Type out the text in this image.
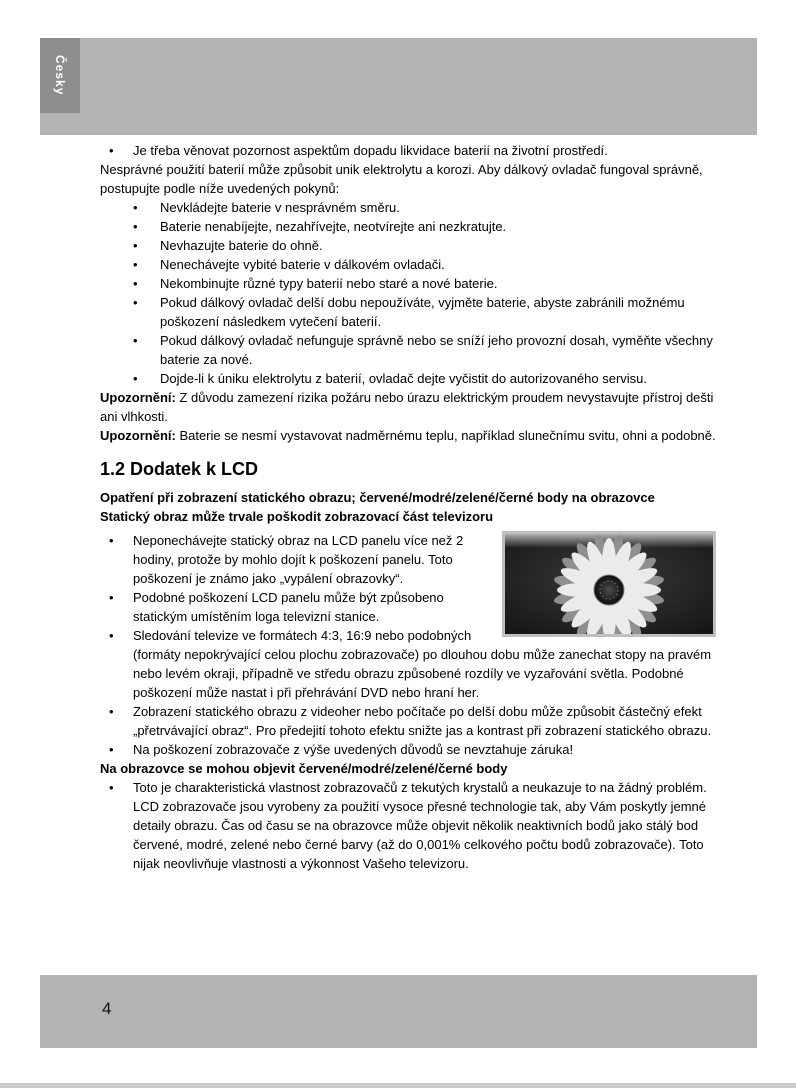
Česky
• Je třeba věnovat pozornost aspektům dopadu likvidace baterií na životní prostředí.

Nesprávné použití baterií může způsobit unik elektrolytu a korozi. Aby dálkový ovladač fungoval správně, postupujte podle níže uvedených pokynů:

• Nevkládejte baterie v nesprávném směru.
• Baterie nenabíjejte, nezahřívejte, neotvírejte ani nezkratujte.
• Nevhazujte baterie do ohně.
• Nenechávejte vybité baterie v dálkovém ovladači.
• Nekombinujte různé typy baterií nebo staré a nové baterie.
• Pokud dálkový ovladač delší dobu nepoužíváte, vyjměte baterie, abyste zabránili možnému poškození následkem vytečení baterií.
• Pokud dálkový ovladač nefunguje správně nebo se sníží jeho provozní dosah, vyměňte všechny baterie za nové.
• Dojde-li k úniku elektrolytu z baterií, ovladač dejte vyčistit do autorizovaného servisu.

Upozornění: Z důvodu zamezení rizika požáru nebo úrazu elektrickým proudem nevystavujte přístroj dešti ani vlhkosti.

Upozornění: Baterie se nesmí vystavovat nadměrnému teplu, například slunečnímu svitu, ohni a podobně.

1.2 Dodatek k LCD

Opatření při zobrazení statického obrazu; červené/modré/zelené/černé body na obrazovce

Statický obraz může trvale poškodit zobrazovací část televizoru

• Neponechávejte statický obraz na LCD panelu více než 2 hodiny, protože by mohlo dojít k poškození panelu. Toto poškození je známo jako „vypálení obrazovky“.
• Podobné poškození LCD panelu může být způsobeno statickým umístěním loga televizní stanice.
• Sledování televize ve formátech 4:3, 16:9 nebo podobných (formáty nepokrývající celou plochu zobrazovače) po dlouhou dobu může zanechat stopy na pravém nebo levém okraji, případně ve středu obrazu způsobené rozdíly ve vyzařování světla. Podobné poškození může nastat i při přehrávání DVD nebo hraní her.
• Zobrazení statického obrazu z videoher nebo počítače po delší dobu může způsobit částečný efekt „přetrvávající obraz“. Pro předejití tohoto efektu snižte jas a kontrast při zobrazení statického obrazu.
• Na poškození zobrazovače z výše uvedených důvodů se nevztahuje záruka!

Na obrazovce se mohou objevit červené/modré/zelené/černé body

• Toto je charakteristická vlastnost zobrazovačů z tekutých krystalů a neukazuje to na žádný problém. LCD zobrazovače jsou vyrobeny za použití vysoce přesné technologie tak, aby Vám poskytly jemné detaily obrazu. Čas od času se na obrazovce může objevit několik neaktivních bodů jako stálý bod červené, modré, zelené nebo černé barvy (až do 0,001% celkového počtu bodů zobrazovače). Toto nijak neovlivňuje vlastnosti a výkonnost Vašeho televizoru.
4
